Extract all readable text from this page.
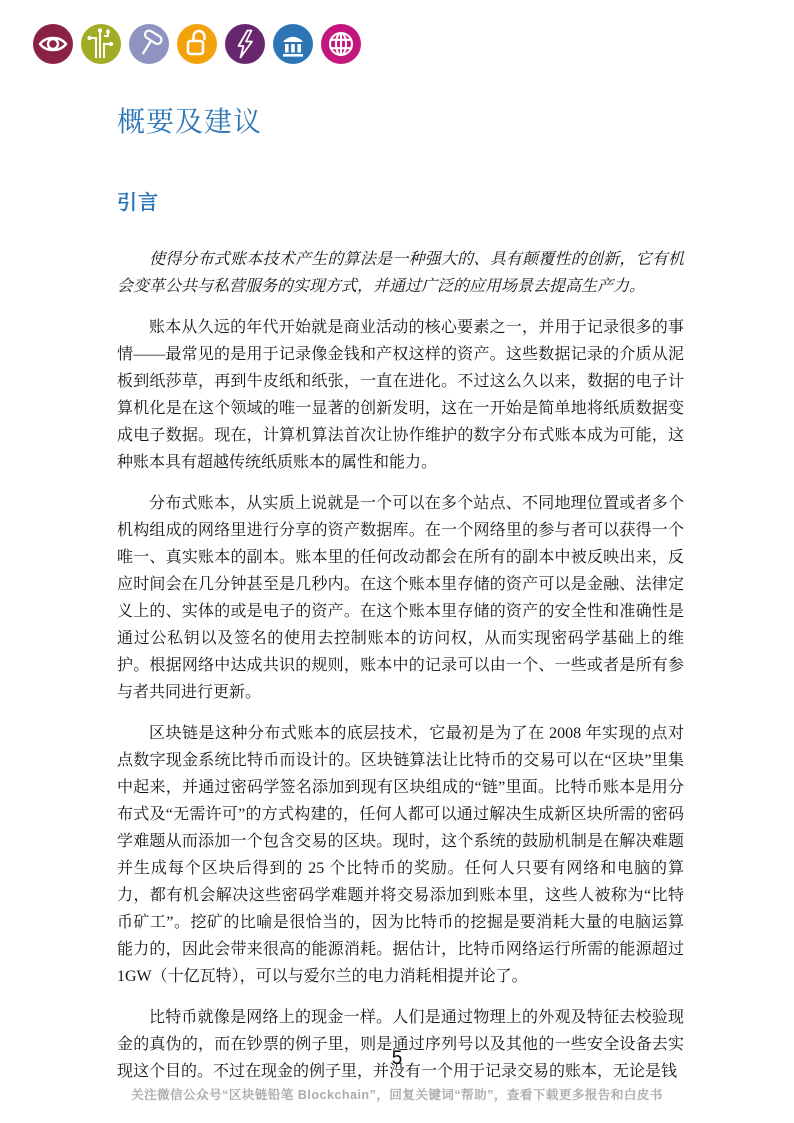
概要及建议
引言

使得分布式账本技术产生的算法是一种强大的、具有颠覆性的创新，它有机会变革公共与私营服务的实现方式，并通过广泛的应用场景去提高生产力。

账本从久远的年代开始就是商业活动的核心要素之一，并用于记录很多的事情——最常见的是用于记录像金钱和产权这样的资产。这些数据记录的介质从泥板到纸莎草，再到牛皮纸和纸张，一直在进化。不过这么久以来，数据的电子计算机化是在这个领域的唯一显著的创新发明，这在一开始是简单地将纸质数据变成电子数据。现在，计算机算法首次让协作维护的数字分布式账本成为可能，这种账本具有超越传统纸质账本的属性和能力。

分布式账本，从实质上说就是一个可以在多个站点、不同地理位置或者多个机构组成的网络里进行分享的资产数据库。在一个网络里的参与者可以获得一个唯一、真实账本的副本。账本里的任何改动都会在所有的副本中被反映出来，反应时间会在几分钟甚至是几秒内。在这个账本里存储的资产可以是金融、法律定义上的、实体的或是电子的资产。在这个账本里存储的资产的安全性和准确性是通过公私钥以及签名的使用去控制账本的访问权，从而实现密码学基础上的维护。根据网络中达成共识的规则，账本中的记录可以由一个、一些或者是所有参与者共同进行更新。

区块链是这种分布式账本的底层技术，它最初是为了在 2008 年实现的点对点数字现金系统比特币而设计的。区块链算法让比特币的交易可以在“区块”里集中起来，并通过密码学签名添加到现有区块组成的“链”里面。比特币账本是用分布式及“无需许可”的方式构建的，任何人都可以通过解决生成新区块所需的密码学难题从而添加一个包含交易的区块。现时，这个系统的鼓励机制是在解决难题并生成每个区块后得到的 25 个比特币的奖励。任何人只要有网络和电脑的算力，都有机会解决这些密码学难题并将交易添加到账本里，这些人被称为“比特币矿工”。挖矿的比喻是很恰当的，因为比特币的挖掘是要消耗大量的电脑运算能力的，因此会带来很高的能源消耗。据估计，比特币网络运行所需的能源超过 1GW（十亿瓦特），可以与爱尔兰的电力消耗相提并论了。

比特币就像是网络上的现金一样。人们是通过物理上的外观及特征去校验现金的真伪的，而在钞票的例子里，则是通过序列号以及其他的一些安全设备去实现这个目的。不过在现金的例子里，并没有一个用于记录交易的账本，无论是钱

5
关注微信公众号“区块链铅笔 Blockchain”，回复关键词“帮助”，查看下载更多报告和白皮书
